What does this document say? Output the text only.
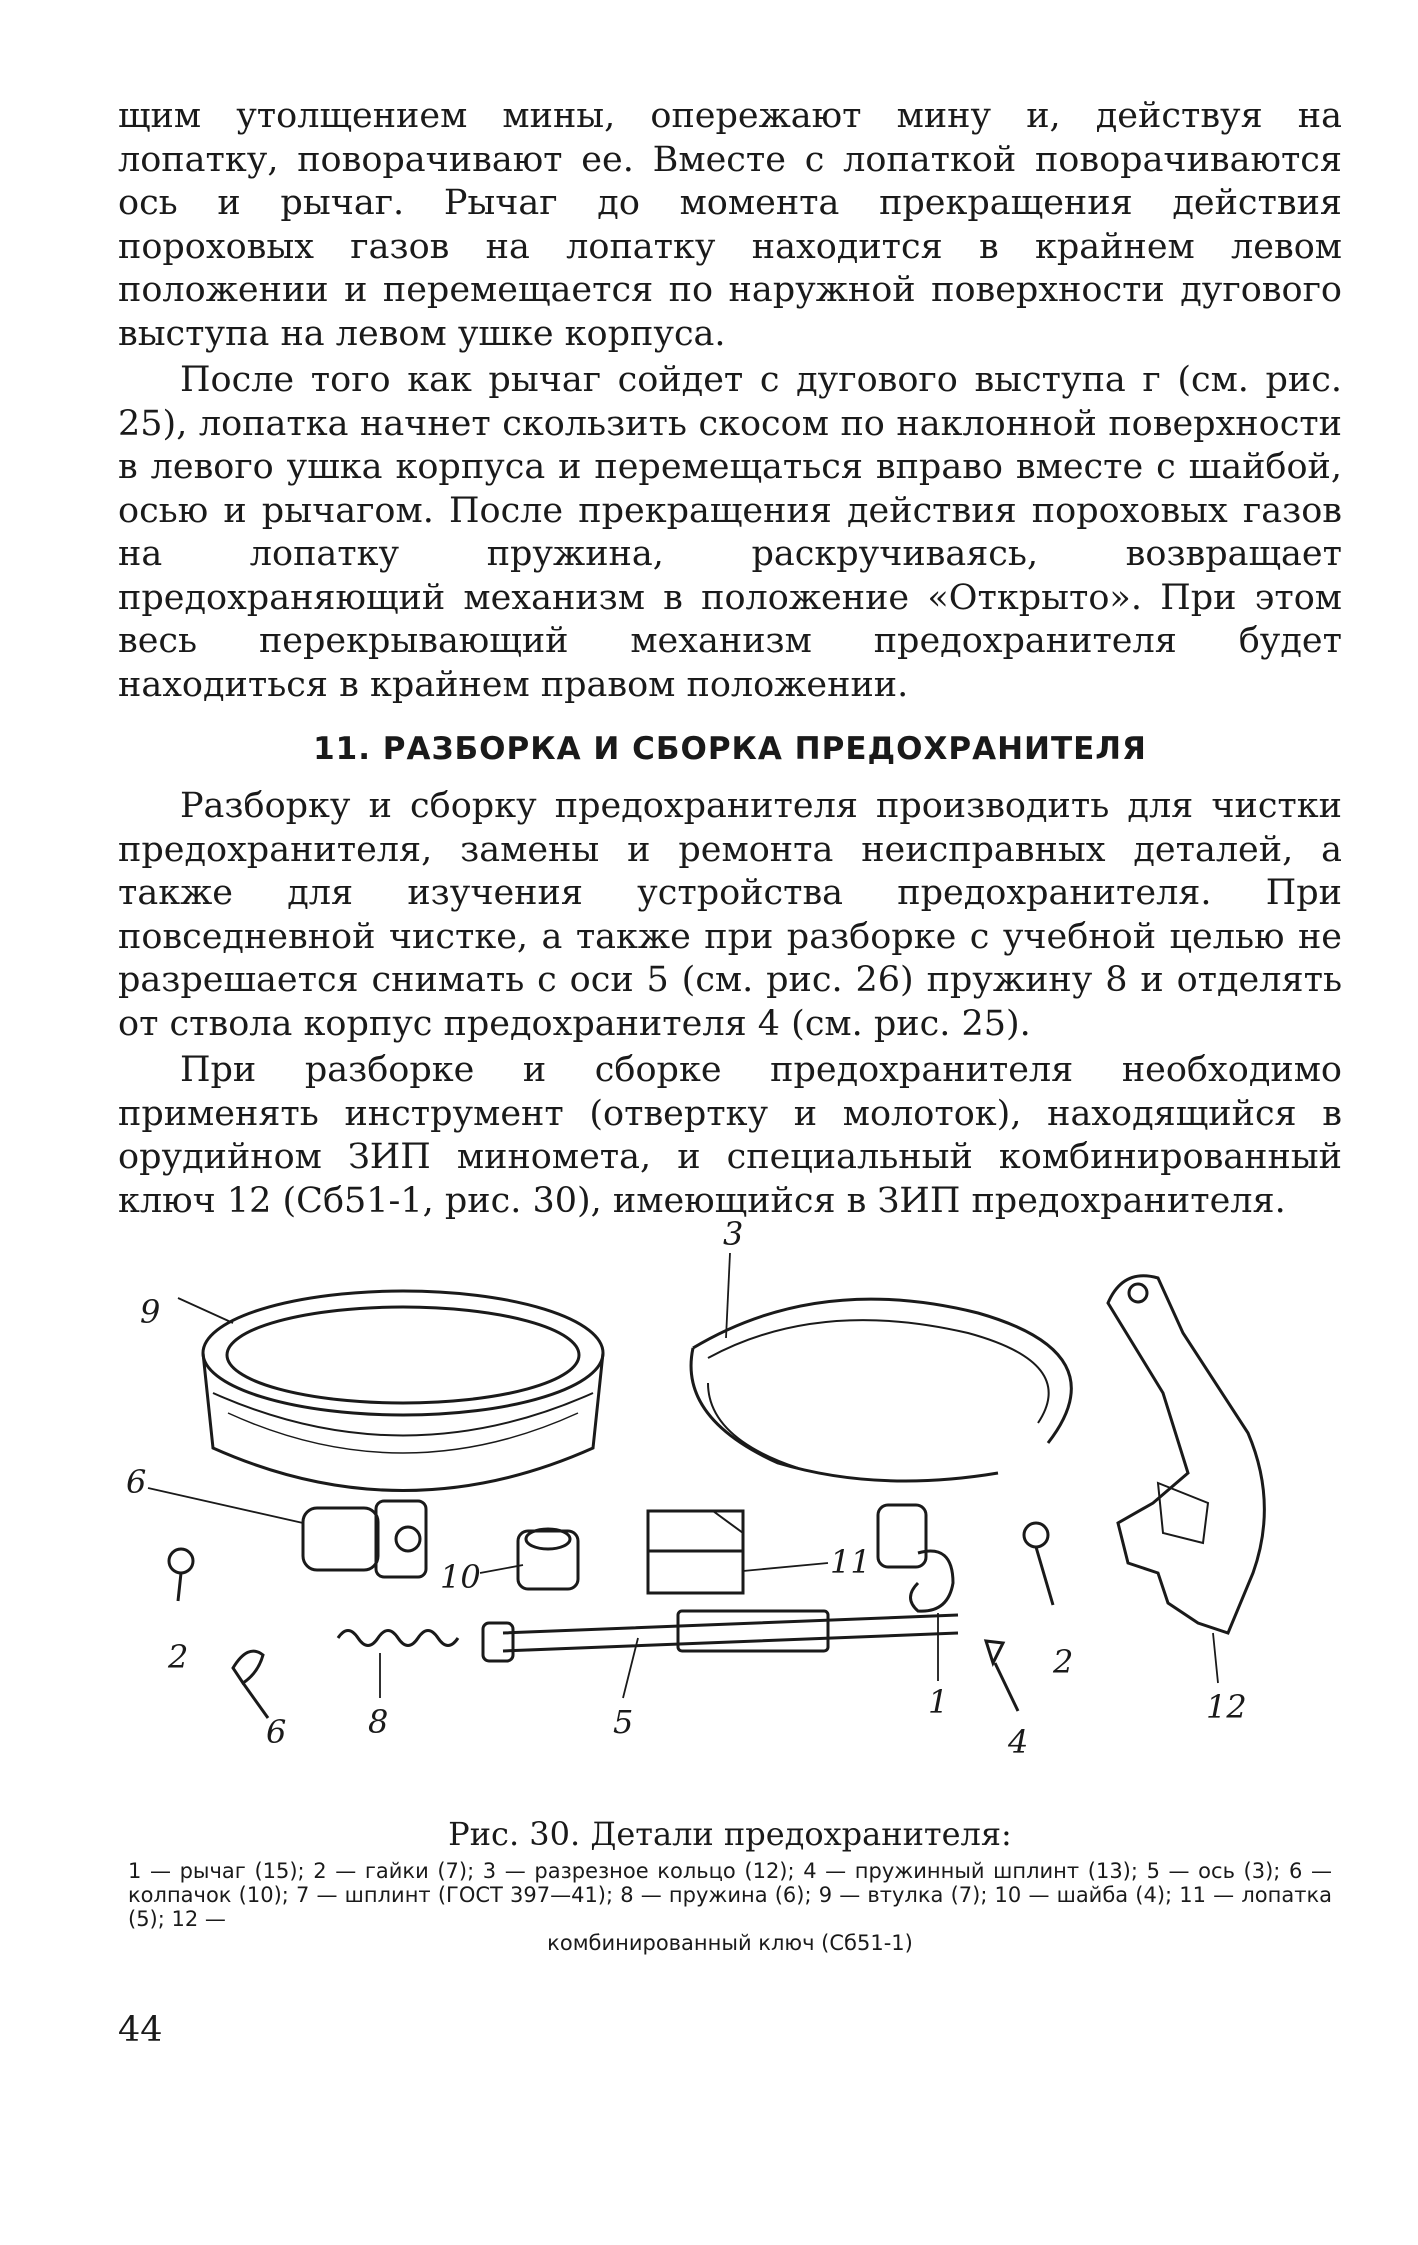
щим утолщением мины, опережают мину и, действуя на лопатку, поворачивают ее. Вместе с лопаткой поворачиваются ось и рычаг. Рычаг до момента прекращения действия пороховых газов на лопатку находится в крайнем левом положении и перемещается по наружной поверхности дугового выступа на левом ушке корпуса.

После того как рычаг сойдет с дугового выступа г (см. рис. 25), лопатка начнет скользить скосом по наклонной поверхности в левого ушка корпуса и перемещаться вправо вместе с шайбой, осью и рычагом. После прекращения действия пороховых газов на лопатку пружина, раскручиваясь, возвращает предохраняющий механизм в положение «Открыто». При этом весь перекрывающий механизм предохранителя будет находиться в крайнем правом положении.

11. РАЗБОРКА И СБОРКА ПРЕДОХРАНИТЕЛЯ

Разборку и сборку предохранителя производить для чистки предохранителя, замены и ремонта неисправных деталей, а также для изучения устройства предохранителя. При повседневной чистке, а также при разборке с учебной целью не разрешается снимать с оси 5 (см. рис. 26) пружину 8 и отделять от ствола корпус предохранителя 4 (см. рис. 25).

При разборке и сборке предохранителя необходимо применять инструмент (отвертку и молоток), находящийся в орудийном ЗИП миномета, и специальный комбинированный ключ 12 (Сб51-1, рис. 30), имеющийся в ЗИП предохранителя.

9
3
12
6
10	11
1
2	2
6	8	5
4
Рис. 30. Детали предохранителя:

1 — рычаг (15); 2 — гайки (7); 3 — разрезное кольцо (12); 4 — пружинный шплинт (13); 5 — ось (3); 6 — колпачок (10); 7 — шплинт (ГОСТ 397—41); 8 — пружина (6); 9 — втулка (7); 10 — шайба (4); 11 — лопатка (5); 12 —
комбинированный ключ (Сб51-1)

44
